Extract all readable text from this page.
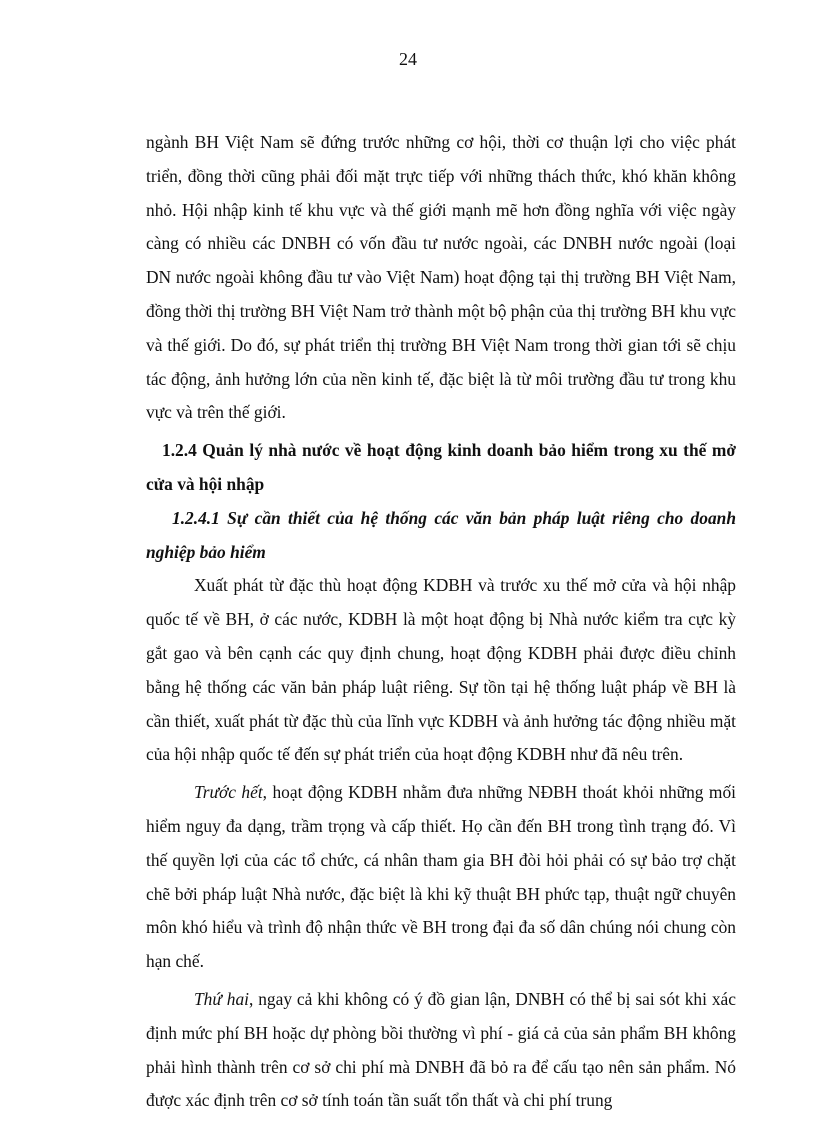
24

ngành BH Việt Nam sẽ đứng trước những cơ hội, thời cơ thuận lợi cho việc phát triển, đồng thời cũng phải đối mặt trực tiếp với những thách thức, khó khăn không nhỏ. Hội nhập kinh tế khu vực và thế giới mạnh mẽ hơn đồng nghĩa với việc ngày càng có nhiều các DNBH có vốn đầu tư nước ngoài, các DNBH nước ngoài (loại DN nước ngoài không đầu tư vào Việt Nam) hoạt động tại thị trường BH Việt Nam, đồng thời thị trường BH Việt Nam trở thành một bộ phận của thị trường BH khu vực và thế giới. Do đó, sự phát triển thị trường BH Việt Nam trong thời gian tới sẽ chịu tác động, ảnh hưởng lớn của nền kinh tế, đặc biệt là từ môi trường đầu tư trong khu vực và trên thế giới.

1.2.4 Quản lý nhà nước về hoạt động kinh doanh bảo hiểm trong xu thế mở cửa và hội nhập

1.2.4.1 Sự cần thiết của hệ thống các văn bản pháp luật riêng cho doanh nghiệp bảo hiểm

Xuất phát từ đặc thù hoạt động KDBH và trước xu thế mở cửa và hội nhập quốc tế về BH, ở các nước, KDBH là một hoạt động bị Nhà nước kiểm tra cực kỳ gắt gao và bên cạnh các quy định chung, hoạt động KDBH phải được điều chỉnh bằng hệ thống các văn bản pháp luật riêng. Sự tồn tại hệ thống luật pháp về BH là cần thiết, xuất phát từ đặc thù của lĩnh vực KDBH và ảnh hưởng tác động nhiều mặt của hội nhập quốc tế đến sự phát triển của hoạt động KDBH như đã nêu trên.

Trước hết, hoạt động KDBH nhằm đưa những NĐBH thoát khỏi những mối hiểm nguy đa dạng, trầm trọng và cấp thiết. Họ cần đến BH trong tình trạng đó. Vì thế quyền lợi của các tổ chức, cá nhân tham gia BH đòi hỏi phải có sự bảo trợ chặt chẽ bởi pháp luật Nhà nước, đặc biệt là khi kỹ thuật BH phức tạp, thuật ngữ chuyên môn khó hiểu và trình độ nhận thức về BH trong đại đa số dân chúng nói chung còn hạn chế.

Thứ hai, ngay cả khi không có ý đồ gian lận, DNBH có thể bị sai sót khi xác định mức phí BH hoặc dự phòng bồi thường vì phí - giá cả của sản phẩm BH không phải hình thành trên cơ sở chi phí mà DNBH đã bỏ ra để cấu tạo nên sản phẩm. Nó được xác định trên cơ sở tính toán tần suất tổn thất và chi phí trung
